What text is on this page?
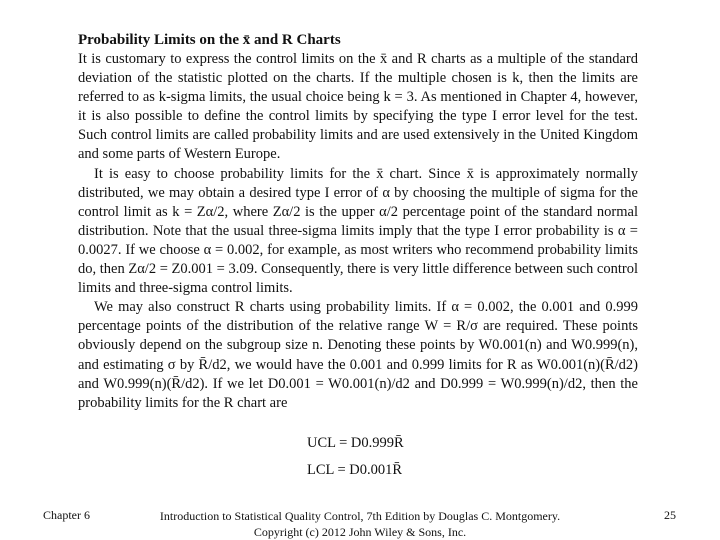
Probability Limits on the x̄ and R Charts

It is customary to express the control limits on the x̄ and R charts as a multiple of the standard deviation of the statistic plotted on the charts. If the multiple chosen is k, then the limits are referred to as k-sigma limits, the usual choice being k = 3. As mentioned in Chapter 4, however, it is also possible to define the control limits by specifying the type I error level for the test. Such control limits are called probability limits and are used extensively in the United Kingdom and some parts of Western Europe.

It is easy to choose probability limits for the x̄ chart. Since x̄ is approximately normally distributed, we may obtain a desired type I error of α by choosing the multiple of sigma for the control limit as k = Zα/2, where Zα/2 is the upper α/2 percentage point of the standard normal distribution. Note that the usual three-sigma limits imply that the type I error probability is α = 0.0027. If we choose α = 0.002, for example, as most writers who recommend probability limits do, then Zα/2 = Z0.001 = 3.09. Consequently, there is very little difference between such control limits and three-sigma control limits.

We may also construct R charts using probability limits. If α = 0.002, the 0.001 and 0.999 percentage points of the distribution of the relative range W = R/σ are required. These points obviously depend on the subgroup size n. Denoting these points by W0.001(n) and W0.999(n), and estimating σ by R̄/d2, we would have the 0.001 and 0.999 limits for R as W0.001(n)(R̄/d2) and W0.999(n)(R̄/d2). If we let D0.001 = W0.001(n)/d2 and D0.999 = W0.999(n)/d2, then the probability limits for the R chart are

UCL = D0.999R̄
LCL = D0.001R̄
Chapter 6	Introduction to Statistical Quality Control, 7th Edition by Douglas C. Montgomery.
Copyright (c) 2012 John Wiley & Sons, Inc.
25
